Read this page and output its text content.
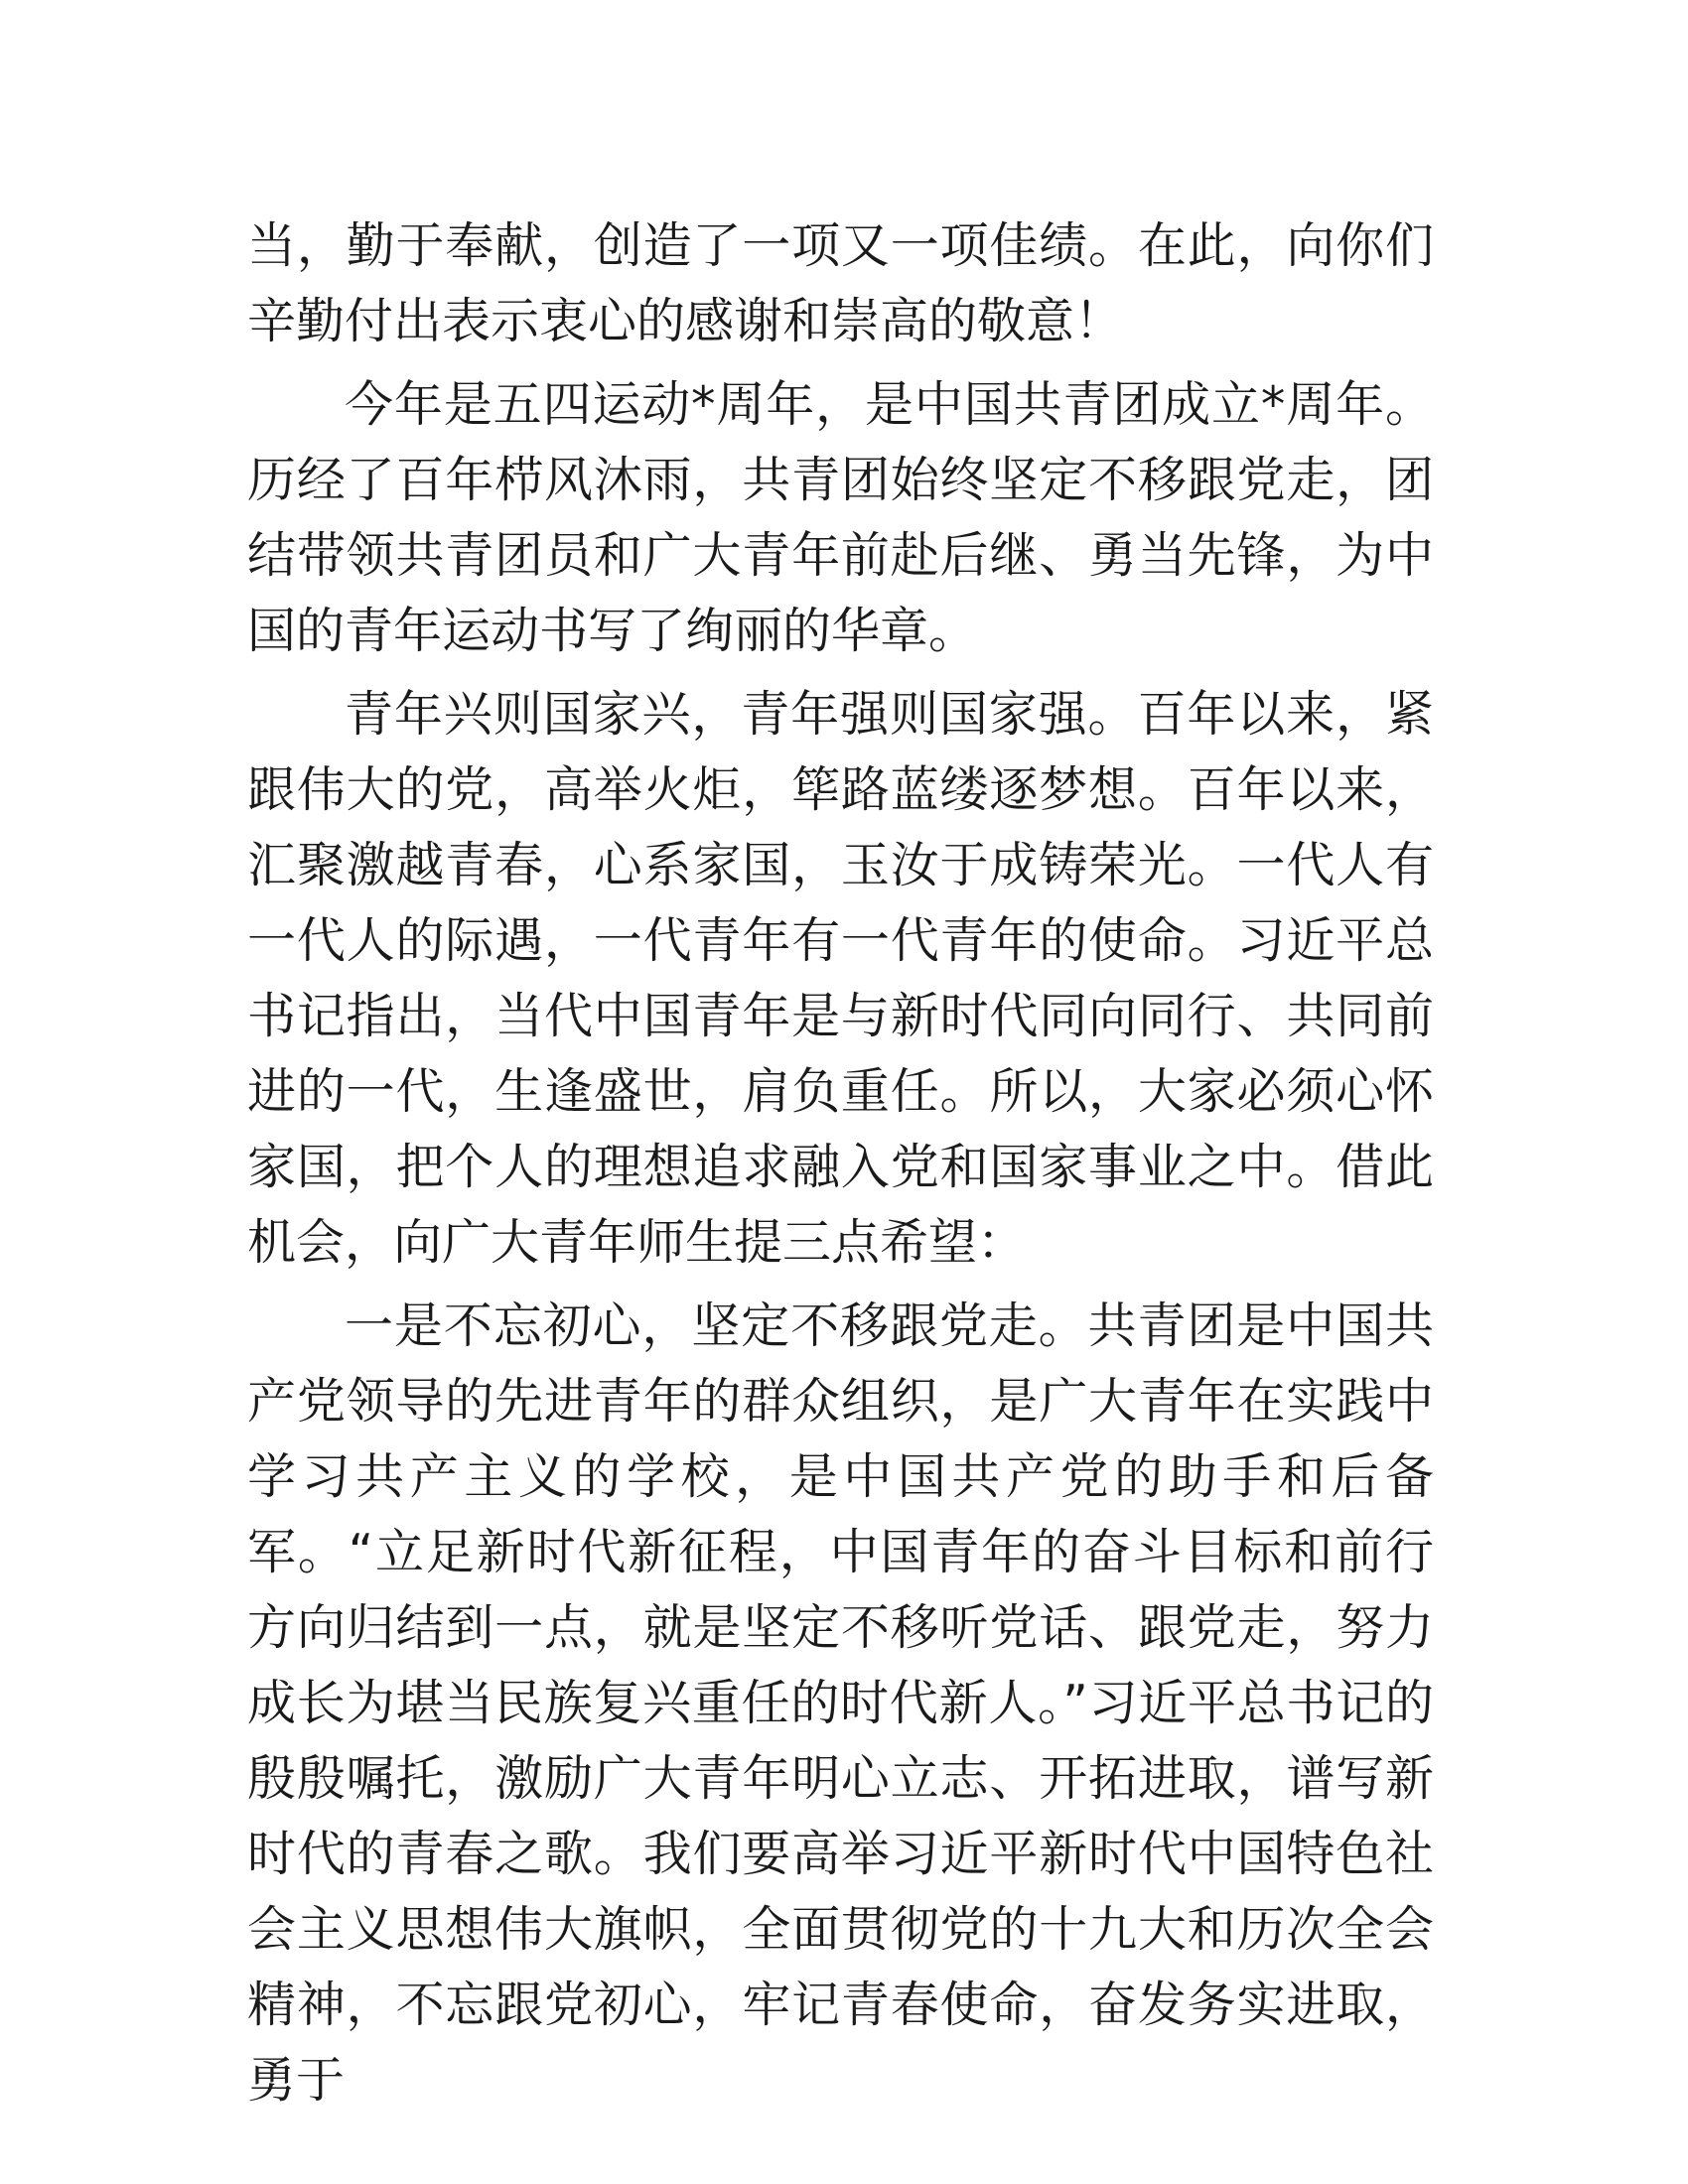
当，勤于奉献，创造了一项又一项佳绩。在此，向你们辛勤付出表示衷心的感谢和崇高的敬意！

今年是五四运动*周年，是中国共青团成立*周年。历经了百年栉风沐雨，共青团始终坚定不移跟党走，团结带领共青团员和广大青年前赴后继、勇当先锋，为中国的青年运动书写了绚丽的华章。

青年兴则国家兴，青年强则国家强。百年以来，紧跟伟大的党，高举火炬，筚路蓝缕逐梦想。百年以来，汇聚激越青春，心系家国，玉汝于成铸荣光。一代人有一代人的际遇，一代青年有一代青年的使命。习近平总书记指出，当代中国青年是与新时代同向同行、共同前进的一代，生逢盛世，肩负重任。所以，大家必须心怀家国，把个人的理想追求融入党和国家事业之中。借此机会，向广大青年师生提三点希望：

一是不忘初心，坚定不移跟党走。共青团是中国共产党领导的先进青年的群众组织，是广大青年在实践中学习共产主义的学校，是中国共产党的助手和后备军。“立足新时代新征程，中国青年的奋斗目标和前行方向归结到一点，就是坚定不移听党话、跟党走，努力成长为堪当民族复兴重任的时代新人。”习近平总书记的殷殷嘱托，激励广大青年明心立志、开拓进取，谱写新时代的青春之歌。我们要高举习近平新时代中国特色社会主义思想伟大旗帜，全面贯彻党的十九大和历次全会精神，不忘跟党初心，牢记青春使命，奋发务实进取，勇于
